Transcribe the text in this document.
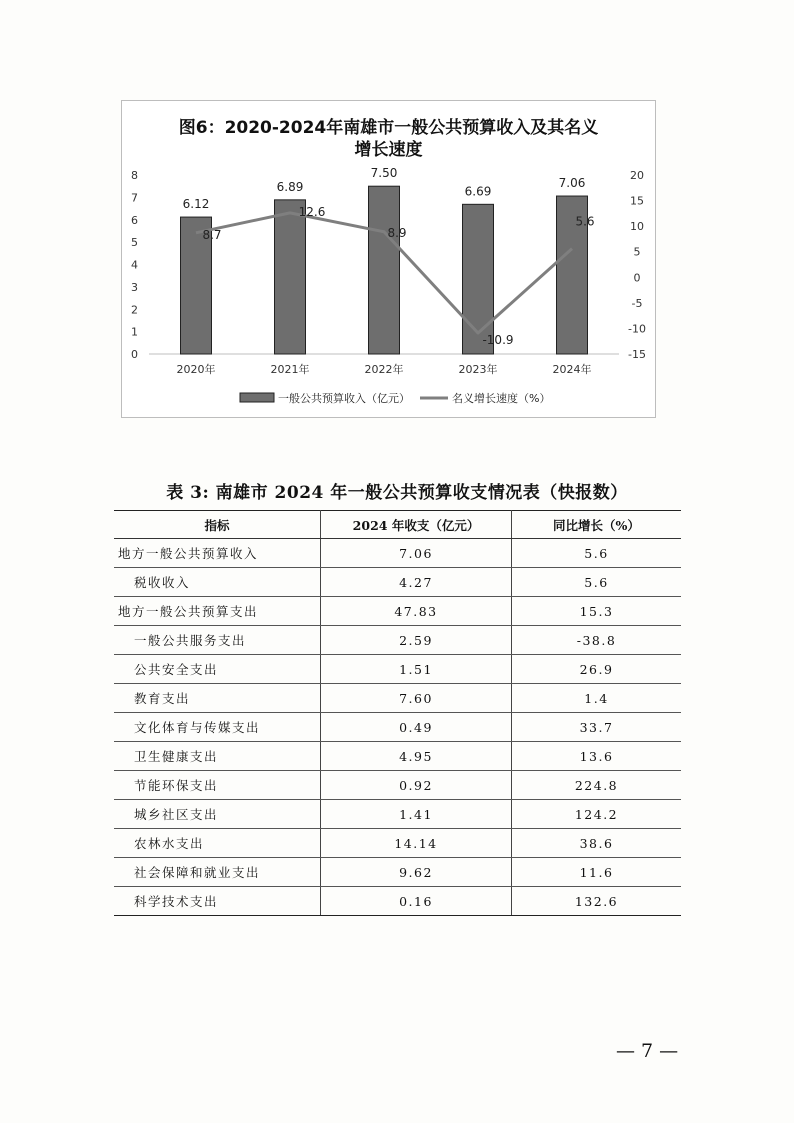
图6：2020-2024年南雄市一般公共预算收入及其名义
增长速度
0
1
2
3
4
5
6
7
8
-15
-10
-5
0
5
10
15
20
6.12
6.89
7.50
6.69
7.06
8.7
12.6
8.9
-10.9
5.6
2020年	2021年	2022年	2023年	2024年
一般公共预算收入（亿元）	名义增长速度（%）
表 3: 南雄市 2024 年一般公共预算收支情况表（快报数）
指标	2024 年收支（亿元）	同比增长（%）
地方一般公共预算收入	7.06	5.6
税收收入	4.27	5.6
地方一般公共预算支出	47.83	15.3
一般公共服务支出	2.59	-38.8
公共安全支出	1.51	26.9
教育支出	7.60	1.4
文化体育与传媒支出	0.49	33.7
卫生健康支出	4.95	13.6
节能环保支出	0.92	224.8
城乡社区支出	1.41	124.2
农林水支出	14.14	38.6
社会保障和就业支出	9.62	11.6
科学技术支出	0.16	132.6
— 7 —
